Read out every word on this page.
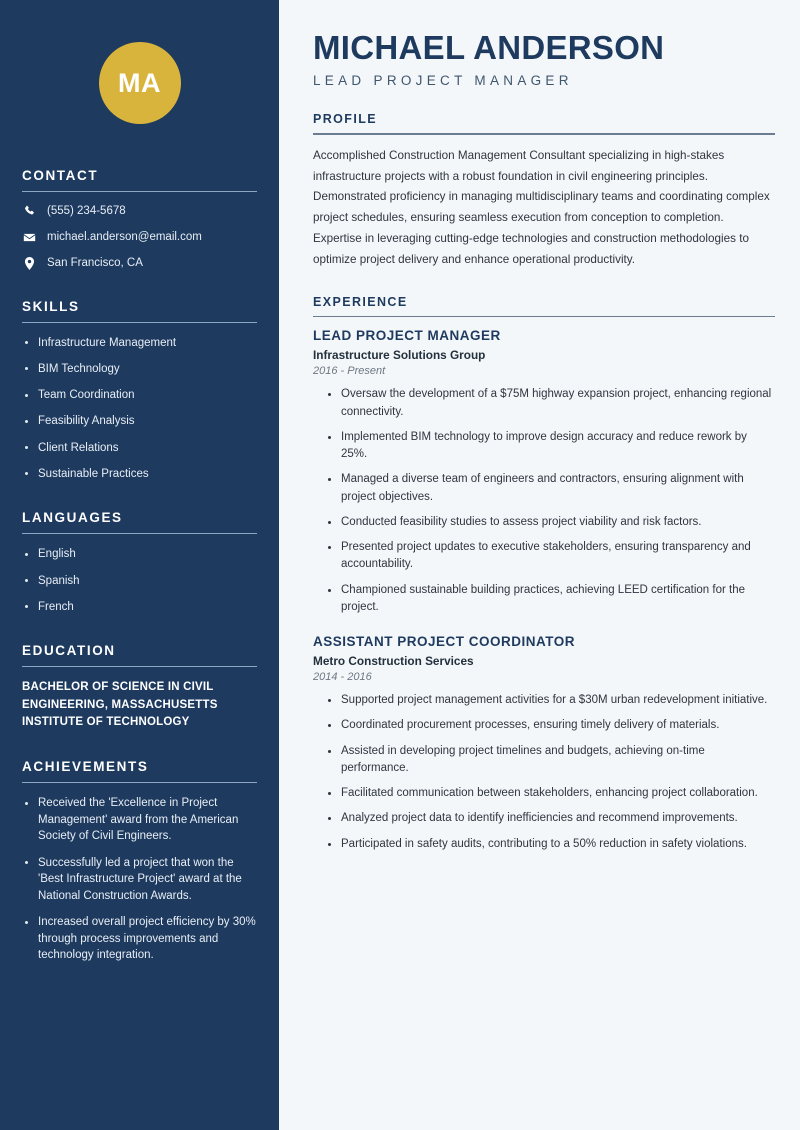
MA
CONTACT
(555) 234-5678
michael.anderson@email.com
San Francisco, CA
SKILLS
Infrastructure Management
BIM Technology
Team Coordination
Feasibility Analysis
Client Relations
Sustainable Practices
LANGUAGES
English
Spanish
French
EDUCATION
BACHELOR OF SCIENCE IN CIVIL ENGINEERING, MASSACHUSETTS INSTITUTE OF TECHNOLOGY
ACHIEVEMENTS
Received the 'Excellence in Project Management' award from the American Society of Civil Engineers.
Successfully led a project that won the 'Best Infrastructure Project' award at the National Construction Awards.
Increased overall project efficiency by 30% through process improvements and technology integration.
MICHAEL ANDERSON
LEAD PROJECT MANAGER
PROFILE

Accomplished Construction Management Consultant specializing in high-stakes infrastructure projects with a robust foundation in civil engineering principles. Demonstrated proficiency in managing multidisciplinary teams and coordinating complex project schedules, ensuring seamless execution from conception to completion. Expertise in leveraging cutting-edge technologies and construction methodologies to optimize project delivery and enhance operational productivity.

EXPERIENCE
LEAD PROJECT MANAGER
Infrastructure Solutions Group
2016 - Present
Oversaw the development of a $75M highway expansion project, enhancing regional connectivity.
Implemented BIM technology to improve design accuracy and reduce rework by 25%.
Managed a diverse team of engineers and contractors, ensuring alignment with project objectives.
Conducted feasibility studies to assess project viability and risk factors.
Presented project updates to executive stakeholders, ensuring transparency and accountability.
Championed sustainable building practices, achieving LEED certification for the project.
ASSISTANT PROJECT COORDINATOR
Metro Construction Services
2014 - 2016
Supported project management activities for a $30M urban redevelopment initiative.
Coordinated procurement processes, ensuring timely delivery of materials.
Assisted in developing project timelines and budgets, achieving on-time performance.
Facilitated communication between stakeholders, enhancing project collaboration.
Analyzed project data to identify inefficiencies and recommend improvements.
Participated in safety audits, contributing to a 50% reduction in safety violations.
